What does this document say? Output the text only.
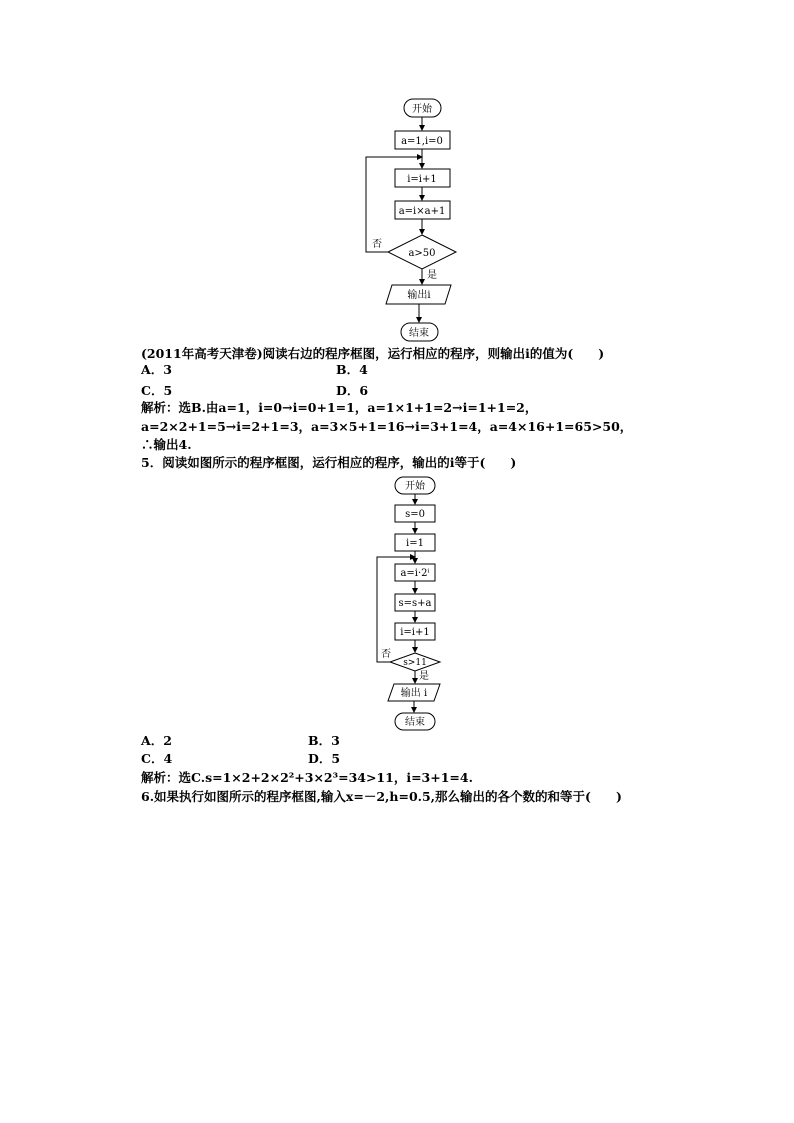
开始
a=1,i=0
i=i+1
a=i×a+1
a>50
否
是
输出i
结束
(2011年高考天津卷)阅读右边的程序框图，运行相应的程序，则输出i的值为(　　)
A．3	B．4
C．5	D．6
解析：选B.由a=1，i=0→i=0+1=1，a=1×1+1=2→i=1+1=2，
a=2×2+1=5→i=2+1=3，a=3×5+1=16→i=3+1=4，a=4×16+1=65>50，
∴输出4.
5．阅读如图所示的程序框图，运行相应的程序，输出的i等于(　　)
开始
s=0
i=1
a=i·2ⁱ
s=s+a
i=i+1
s>11
否
是
输出 i
结束
A．2	B．3
C．4	D．5
解析：选C.s=1×2+2×2²+3×2³=34>11，i=3+1=4.
6.如果执行如图所示的程序框图,输入x=－2,h=0.5,那么输出的各个数的和等于(　　)
